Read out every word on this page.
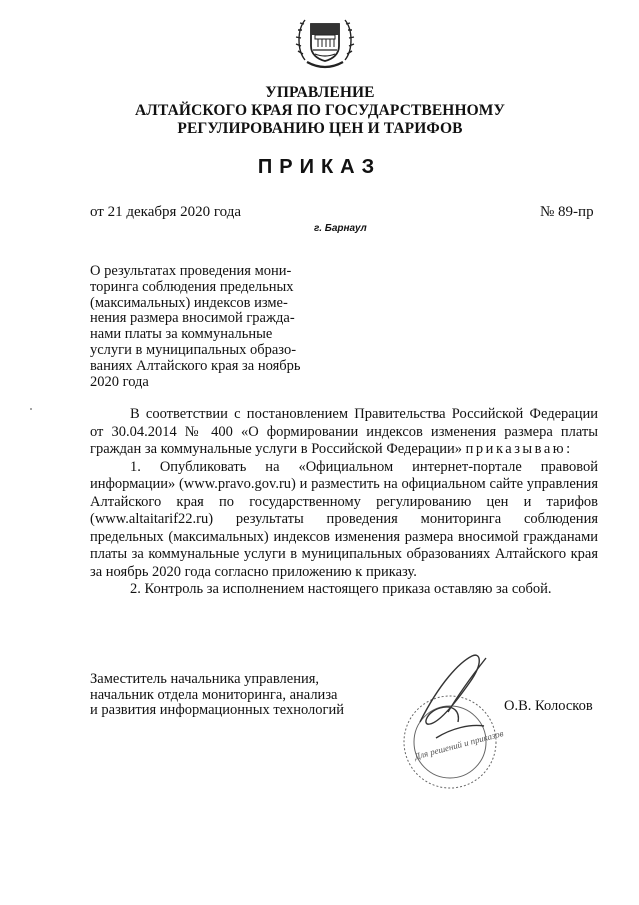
УПРАВЛЕНИЕ
АЛТАЙСКОГО КРАЯ ПО ГОСУДАРСТВЕННОМУ
РЕГУЛИРОВАНИЮ ЦЕН И ТАРИФОВ
ПРИКАЗ
от 21 декабря 2020 года	№ 89-пр
г. Барнаул
О результатах проведения мони-
торинга соблюдения предельных
(максимальных) индексов изме-
нения размера вносимой гражда-
нами платы за коммунальные
услуги в муниципальных образо-
ваниях Алтайского края за ноябрь
2020 года

В соответствии с постановлением Правительства Российской Федерации от 30.04.2014 № 400 «О формировании индексов изменения размера платы граждан за коммунальные услуги в Российской Федерации» приказываю:

1. Опубликовать на «Официальном интернет-портале правовой информации» (www.pravo.gov.ru) и разместить на официальном сайте управления Алтайского края по государственному регулированию цен и тарифов (www.altaitarif22.ru) результаты проведения мониторинга соблюдения предельных (максимальных) индексов изменения размера вносимой гражданами платы за коммунальные услуги в муниципальных образованиях Алтайского края за ноябрь 2020 года согласно приложению к приказу.

2. Контроль за исполнением настоящего приказа оставляю за собой.

Заместитель начальника управления,
начальник отдела мониторинга, анализа
и развития информационных технологий
Для решений и приказов
О.В. Колосков
